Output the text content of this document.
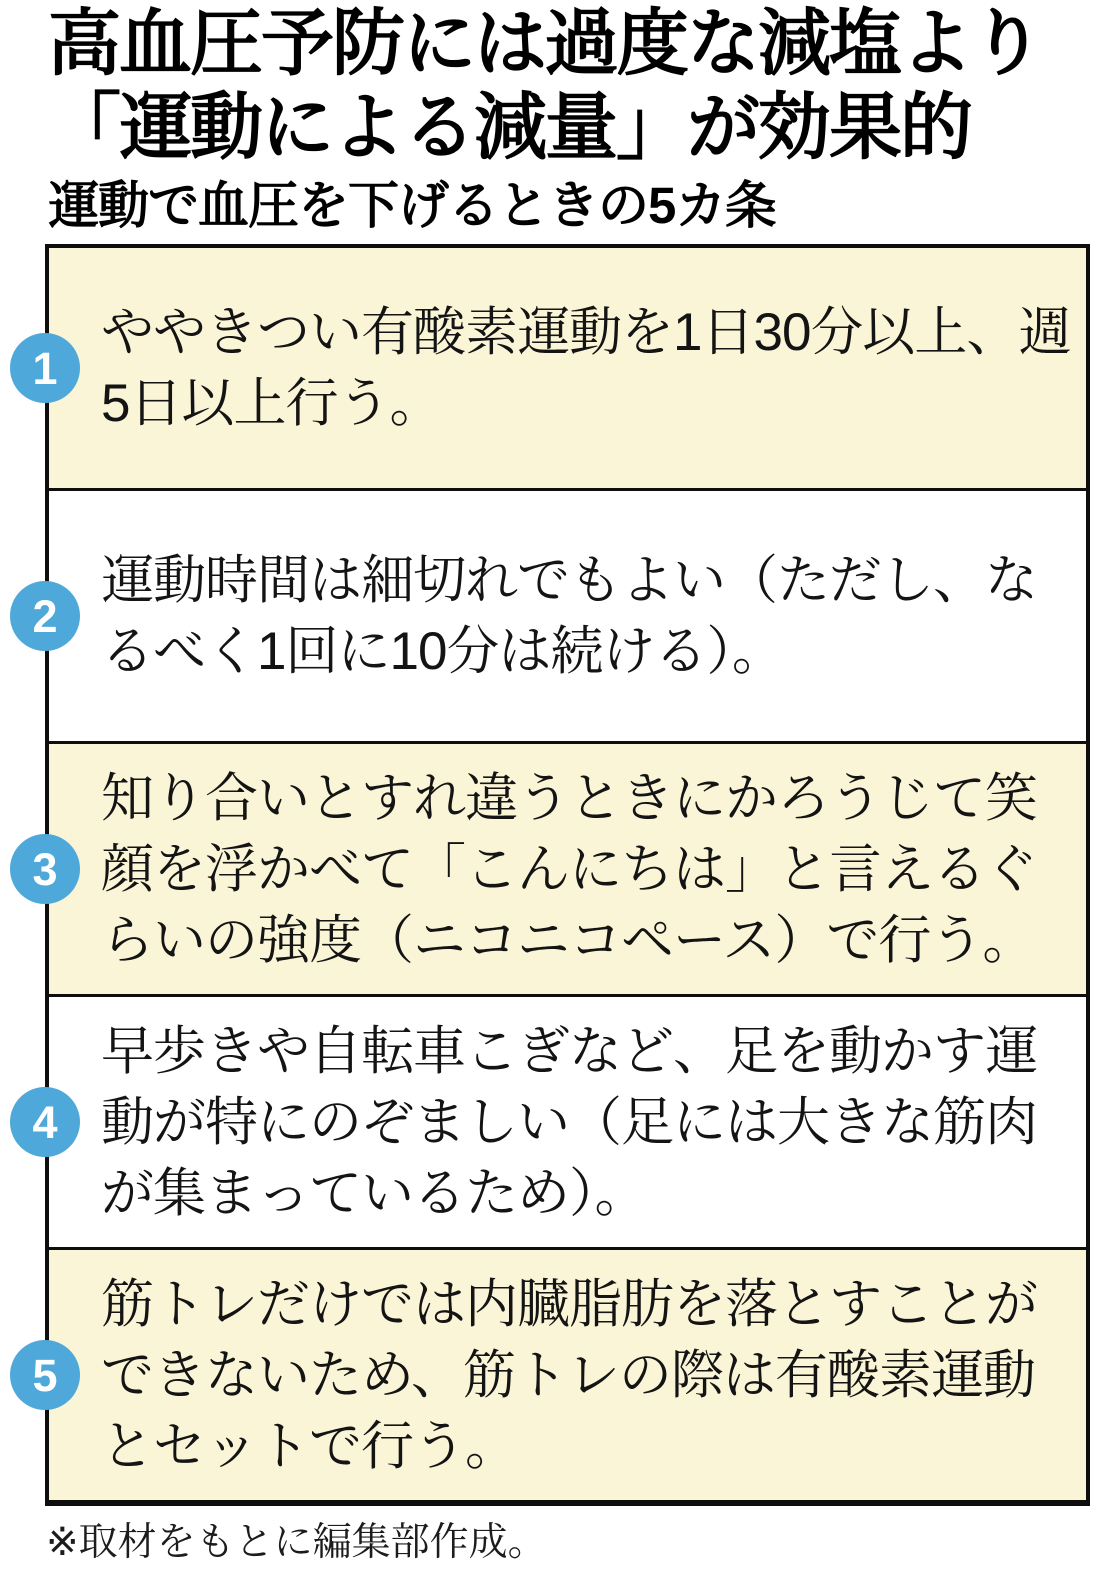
高血圧予防には過度な減塩より
「運動による減量」が効果的
運動で血圧を下げるときの5カ条
1
ややきつい有酸素運動を1日30分以上、週5日以上行う。
2
運動時間は細切れでもよい（ただし、なるべく1回に10分は続ける）。
3
知り合いとすれ違うときにかろうじて笑顔を浮かべて「こんにちは」と言えるぐらいの強度（ニコニコペース）で行う。
4
早歩きや自転車こぎなど、足を動かす運動が特にのぞましい（足には大きな筋肉が集まっているため）。
5
筋トレだけでは内臓脂肪を落とすことができないため、筋トレの際は有酸素運動とセットで行う。
※取材をもとに編集部作成。
